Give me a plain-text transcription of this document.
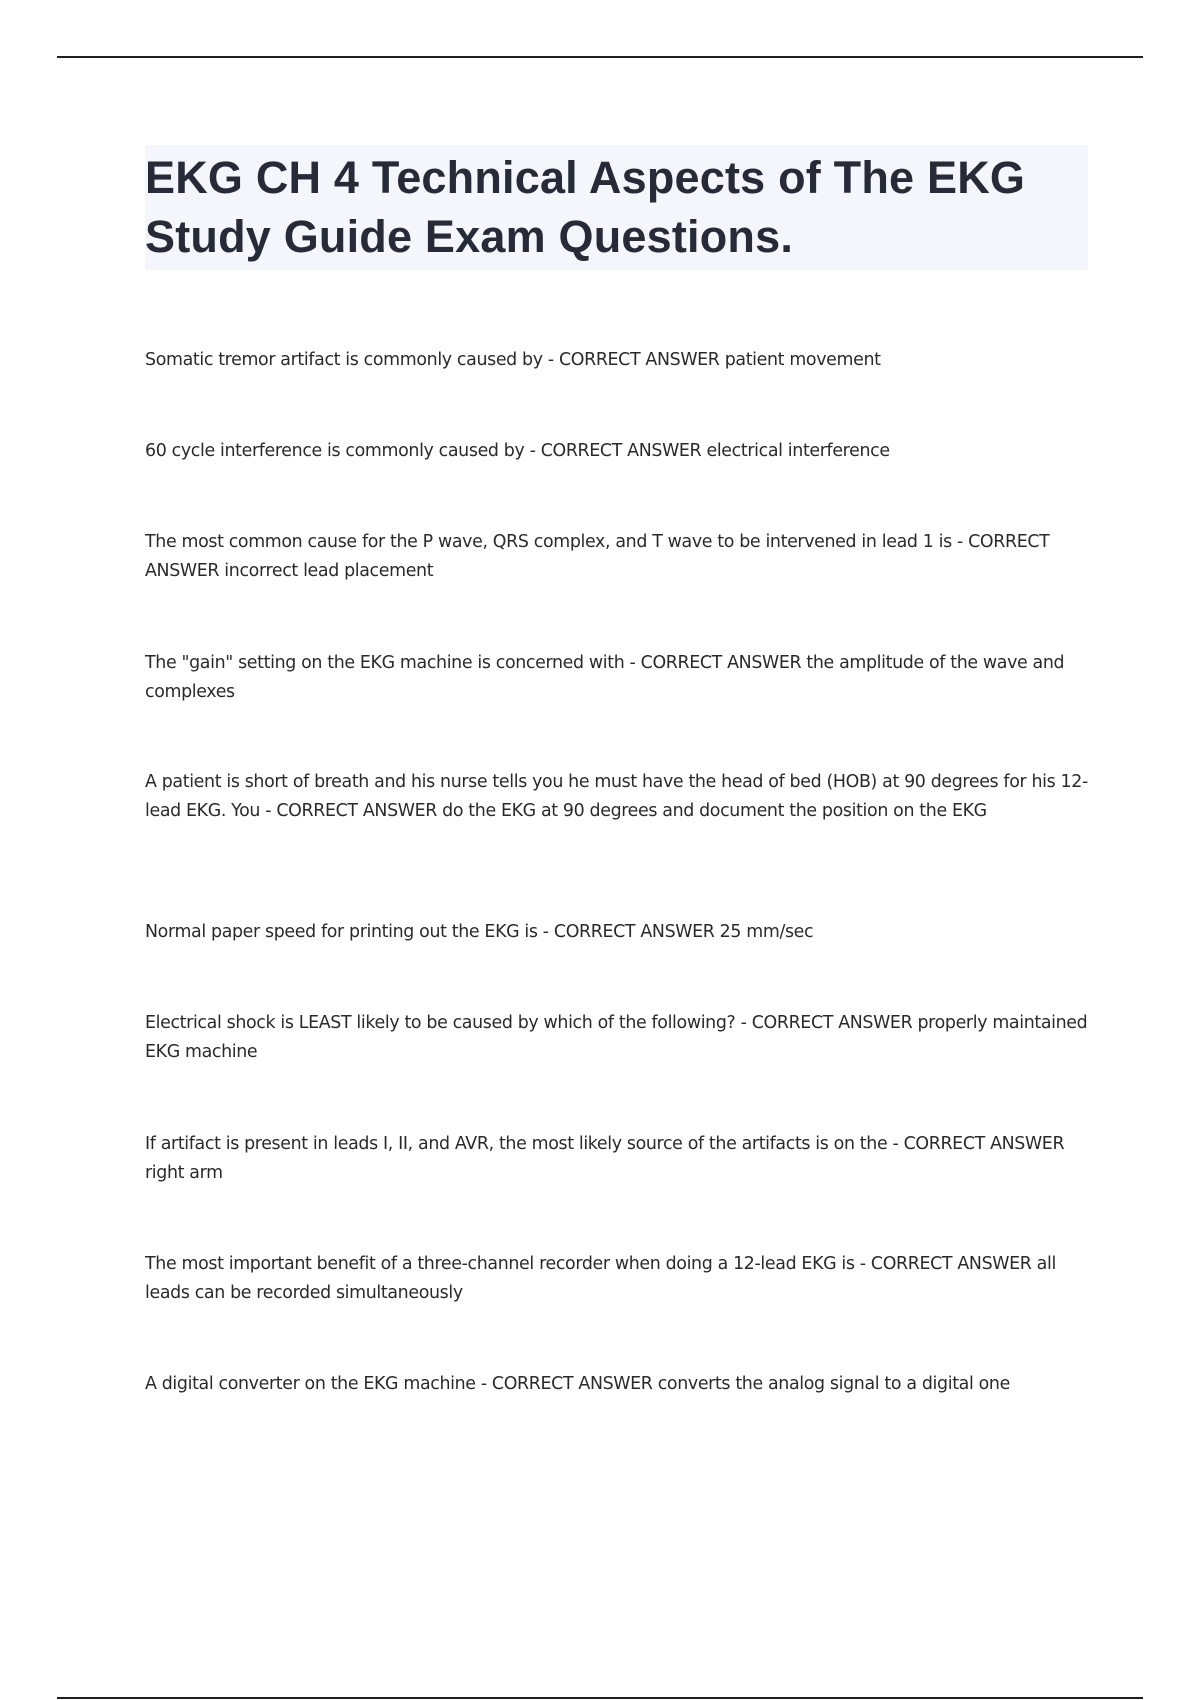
EKG CH 4 Technical Aspects of The EKG Study Guide Exam Questions.

Somatic tremor artifact is commonly caused by - CORRECT ANSWER patient movement

60 cycle interference is commonly caused by - CORRECT ANSWER electrical interference

The most common cause for the P wave, QRS complex, and T wave to be intervened in lead 1 is - CORRECT ANSWER incorrect lead placement

The "gain" setting on the EKG machine is concerned with - CORRECT ANSWER the amplitude of the wave and complexes

A patient is short of breath and his nurse tells you he must have the head of bed (HOB) at 90 degrees for his 12-lead EKG. You - CORRECT ANSWER do the EKG at 90 degrees and document the position on the EKG

Normal paper speed for printing out the EKG is - CORRECT ANSWER 25 mm/sec

Electrical shock is LEAST likely to be caused by which of the following? - CORRECT ANSWER properly maintained EKG machine

If artifact is present in leads I, II, and AVR, the most likely source of the artifacts is on the - CORRECT ANSWER right arm

The most important benefit of a three-channel recorder when doing a 12-lead EKG is - CORRECT ANSWER all leads can be recorded simultaneously

A digital converter on the EKG machine - CORRECT ANSWER converts the analog signal to a digital one
